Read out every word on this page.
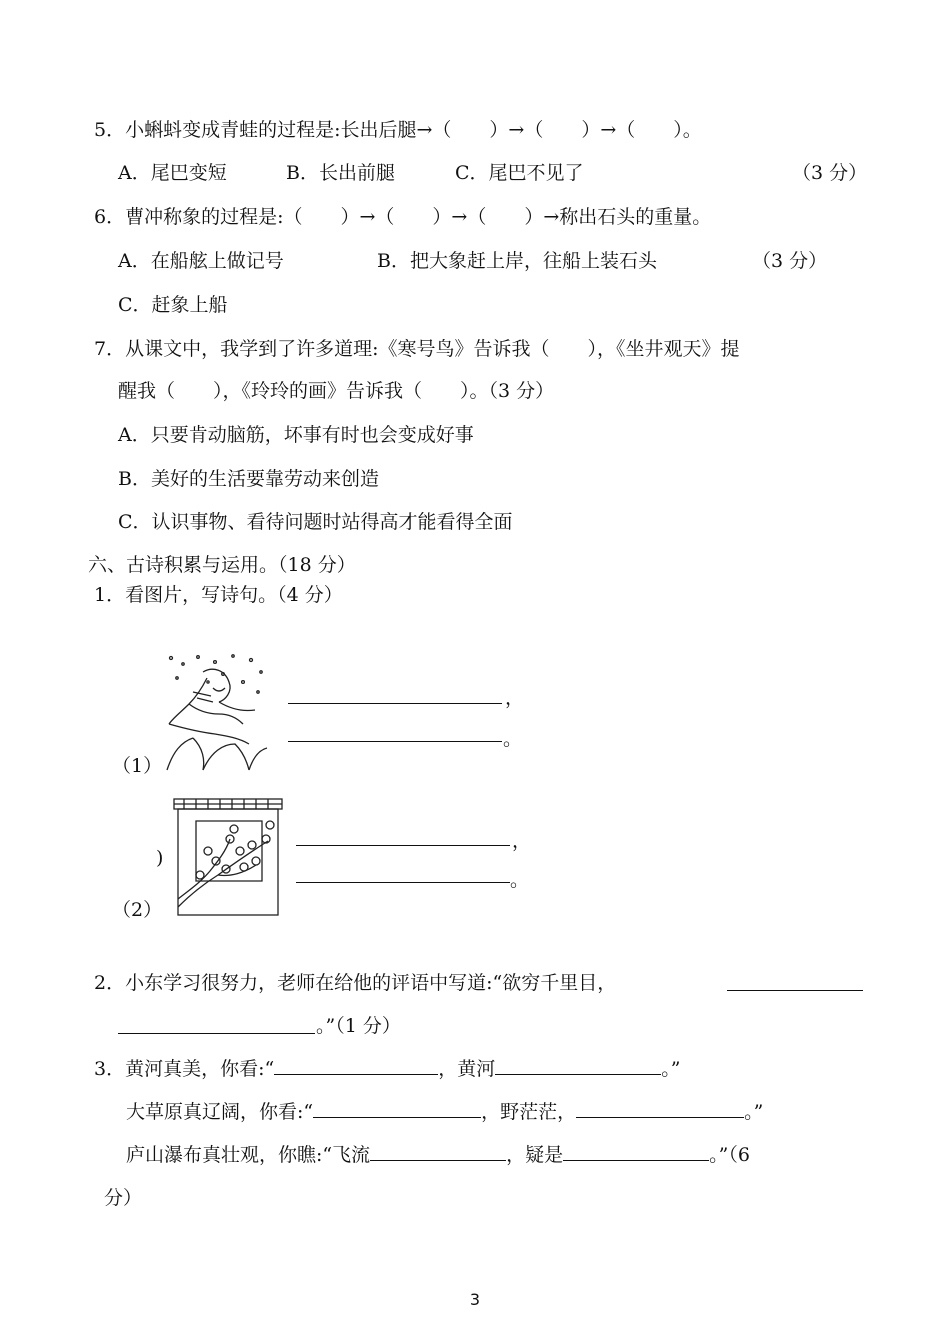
5．小蝌蚪变成青蛙的过程是:长出后腿→（　　）→（　　）→（　　）。
A．尾巴变短	B．长出前腿	C．尾巴不见了	（3 分）
6．曹冲称象的过程是:（　　）→（　　）→（　　）→称出石头的重量。
A．在船舷上做记号	B．把大象赶上岸，往船上装石头	（3 分）
C．赶象上船
7．从课文中，我学到了许多道理:《寒号鸟》告诉我（　　），《坐井观天》提
醒我（　　），《玲玲的画》告诉我（　　）。（3 分）
A．只要肯动脑筋，坏事有时也会变成好事
B．美好的生活要靠劳动来创造
C．认识事物、看待问题时站得高才能看得全面
六、古诗积累与运用。（18 分）
1．看图片，写诗句。（4 分）
，
。
（1）
)
，
。
（2）
2．小东学习很努力，老师在给他的评语中写道:“欲穷千里目，
。”（1 分）
3．黄河真美，你看:“	，黄河	。”
大草原真辽阔，你看:“	，野茫茫，	。”
庐山瀑布真壮观，你瞧:“飞流	，疑是	。”（6
分）
3
